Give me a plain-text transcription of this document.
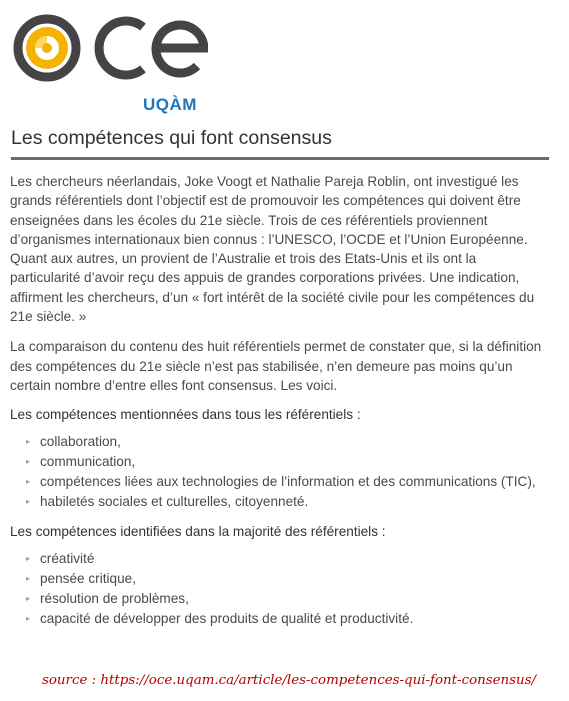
UQÀM
Les compétences qui font consensus

Les chercheurs néerlandais, Joke Voogt et Nathalie Pareja Roblin, ont investigué les grands référentiels dont l’objectif est de promouvoir les compétences qui doivent être enseignées dans les écoles du 21e siècle. Trois de ces référentiels proviennent d’organismes internationaux bien connus : l’UNESCO, l’OCDE et l’Union Européenne. Quant aux autres, un provient de l’Australie et trois des Etats-Unis et ils ont la particularité d’avoir reçu des appuis de grandes corporations privées. Une indication, affirment les chercheurs, d’un « fort intérêt de la société civile pour les compétences du 21e siècle. »

La comparaison du contenu des huit référentiels permet de constater que, si la définition des compétences du 21e siècle n’est pas stabilisée, n’en demeure pas moins qu’un certain nombre d’entre elles font consensus. Les voici.

Les compétences mentionnées dans tous les référentiels :
▸ collaboration,
▸ communication,
▸ compétences liées aux technologies de l’information et des communications (TIC),
▸ habiletés sociales et culturelles, citoyenneté.
Les compétences identifiées dans la majorité des référentiels :
▸ créativité
▸ pensée critique,
▸ résolution de problèmes,
▸ capacité de développer des produits de qualité et productivité.
source : https://oce.uqam.ca/article/les-competences-qui-font-consensus/
